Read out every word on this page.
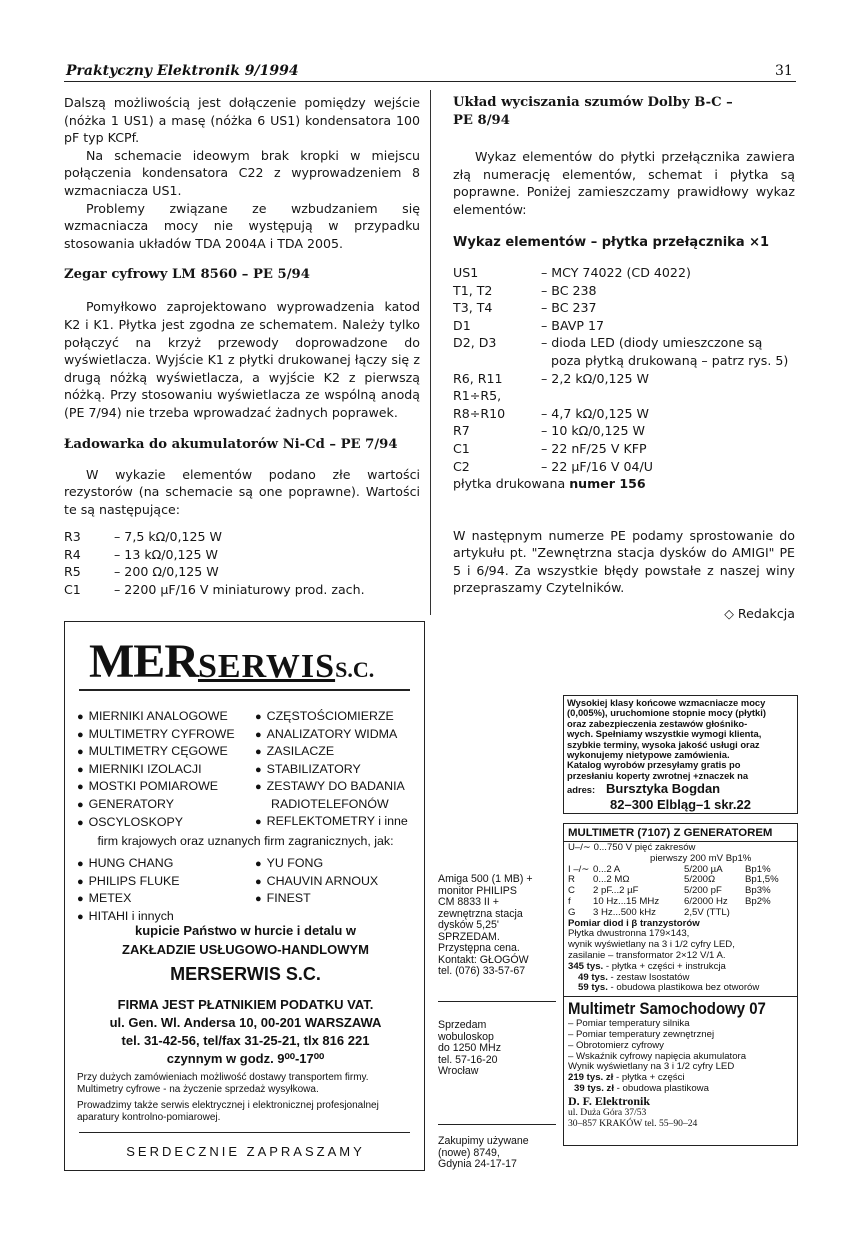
Praktyczny Elektronik 9/1994	31

Dalszą możliwością jest dołączenie pomiędzy wejście (nóżka 1 US1) a masę (nóżka 6 US1) kondensatora 100 pF typ KCPf.

Na schemacie ideowym brak kropki w miejscu połączenia kondensatora C22 z wyprowadzeniem 8 wzmacniacza US1.

Problemy związane ze wzbudzaniem się wzmacniacza mocy nie występują w przypadku stosowania układów TDA 2004A i TDA 2005.

Zegar cyfrowy LM 8560 – PE 5/94

Pomyłkowo zaprojektowano wyprowadzenia katod K2 i K1. Płytka jest zgodna ze schematem. Należy tylko połączyć na krzyż przewody doprowadzone do wyświetlacza. Wyjście K1 z płytki drukowanej łączy się z drugą nóżką wyświetlacza, a wyjście K2 z pierwszą nóżką. Przy stosowaniu wyświetlacza ze wspólną anodą (PE 7/94) nie trzeba wprowadzać żadnych poprawek.

Ładowarka do akumulatorów Ni-Cd – PE 7/94

W wykazie elementów podano złe wartości rezystorów (na schemacie są one poprawne). Wartości te są następujące:

R3	– 7,5 kΩ/0,125 W
R4	– 13 kΩ/0,125 W
R5	– 200 Ω/0,125 W
C1	– 2200 µF/16 V miniaturowy prod. zach.
Układ wyciszania szumów Dolby B-C – PE 8/94

Wykaz elementów do płytki przełącznika zawiera złą numerację elementów, schemat i płytka są poprawne. Poniżej zamieszczamy prawidłowy wykaz elementów:

Wykaz elementów – płytka przełącznika ×1
US1	– MCY 74022 (CD 4022)
T1, T2	– BC 238
T3, T4	– BC 237
D1	– BAVP 17
D2, D3	– dioda LED (diody umieszczone są
	poza płytką drukowaną – patrz rys. 5)
R6, R11	– 2,2 kΩ/0,125 W
R1÷R5,	
R8÷R10	– 4,7 kΩ/0,125 W
R7	– 10 kΩ/0,125 W
C1	– 22 nF/25 V KFP
C2	– 22 µF/16 V 04/U
płytka drukowana numer 156

W następnym numerze PE podamy sprostowanie do artykułu pt. "Zewnętrzna stacja dysków do AMIGI" PE 5 i 6/94. Za wszystkie błędy powstałe z naszej winy przepraszamy Czytelników.

◇ Redakcja
MERSERWISS.C.
● MIERNIKI ANALOGOWE
● MULTIMETRY CYFROWE
● MULTIMETRY CĘGOWE
● MIERNIKI IZOLACJI
● MOSTKI POMIAROWE
● GENERATORY
● OSCYLOSKOPY
● CZĘSTOŚCIOMIERZE
● ANALIZATORY WIDMA
● ZASILACZE
● STABILIZATORY
● ZESTAWY DO BADANIA
RADIOTELEFONÓW
● REFLEKTOMETRY i inne
firm krajowych oraz uznanych firm zagranicznych, jak:
● HUNG CHANG
● PHILIPS FLUKE
● METEX
● HITAHI i innych
● YU FONG
● CHAUVIN ARNOUX
● FINEST
kupicie Państwo w hurcie i detalu w
ZAKŁADZIE USŁUGOWO-HANDLOWYM
MERSERWIS S.C.
FIRMA JEST PŁATNIKIEM PODATKU VAT.
ul. Gen. Wl. Andersa 10, 00-201 WARSZAWA
tel. 31-42-56, tel/fax 31-25-21, tlx 816 221
czynnym w godz. 9⁰⁰-17⁰⁰
Przy dużych zamówieniach możliwość dostawy transportem firmy. Multimetry cyfrowe - na życzenie sprzedaż wysyłkowa.
Prowadzimy także serwis elektrycznej i elektronicznej profesjonalnej aparatury kontrolno-pomiarowej.
SERDECZNIE ZAPRASZAMY
Amiga 500 (1 MB) +
monitor PHILIPS
CM 8833 II +
zewnętrzna stacja
dysków 5,25'
SPRZEDAM.
Przystępna cena.
Kontakt: GŁOGÓW
tel. (076) 33-57-67
Sprzedam
wobuloskop
do 1250 MHz
tel. 57-16-20
Wrocław
Zakupimy używane
(nowe) 8749,
Gdynia 24-17-17
Wysokiej klasy końcowe wzmacniacze mocy
(0,005%), uruchomione stopnie mocy (płytki)
oraz zabezpieczenia zestawów głośniko-
wych. Spełniamy wszystkie wymogi klienta,
szybkie terminy, wysoka jakość usługi oraz
wykonujemy nietypowe zamówienia.
Katalog wyrobów przesyłamy gratis po
przesłaniu koperty zwrotnej +znaczek na
adres: Bursztyka Bogdan
82–300 Elbląg–1 skr.22
MULTIMETR (7107) Z GENERATOREM
U–/∼ 0...750 V pięć zakresów
pierwszy 200 mV Bp1%
I –/∼	0...2 A	5/200 µA	Bp1%
R	0...2 MΩ	5/200Ω	Bp1,5%
C	2 pF...2 µF	5/200 pF	Bp3%
f	10 Hz...15 MHz	6/2000 Hz	Bp2%
G	3 Hz...500 kHz	2,5V (TTL)	
Pomiar diod i β tranzystorów
Płytka dwustronna 179×143,
wynik wyświetlany na 3 i 1/2 cyfry LED,
zasilanie – transformator 2×12 V/1 A.
345 tys. - płytka + części + instrukcja
49 tys. - zestaw Isostatów
59 tys. - obudowa plastikowa bez otworów
Multimetr Samochodowy 07
– Pomiar temperatury silnika
– Pomiar temperatury zewnętrznej
– Obrotomierz cyfrowy
– Wskaźnik cyfrowy napięcia akumulatora
Wynik wyświetlany na 3 i 1/2 cyfry LED
219 tys. zł - płytka + części
39 tys. zł - obudowa plastikowa
D. F. Elektronik
ul. Duża Góra 37/53
30–857 KRAKÓW tel. 55–90–24
